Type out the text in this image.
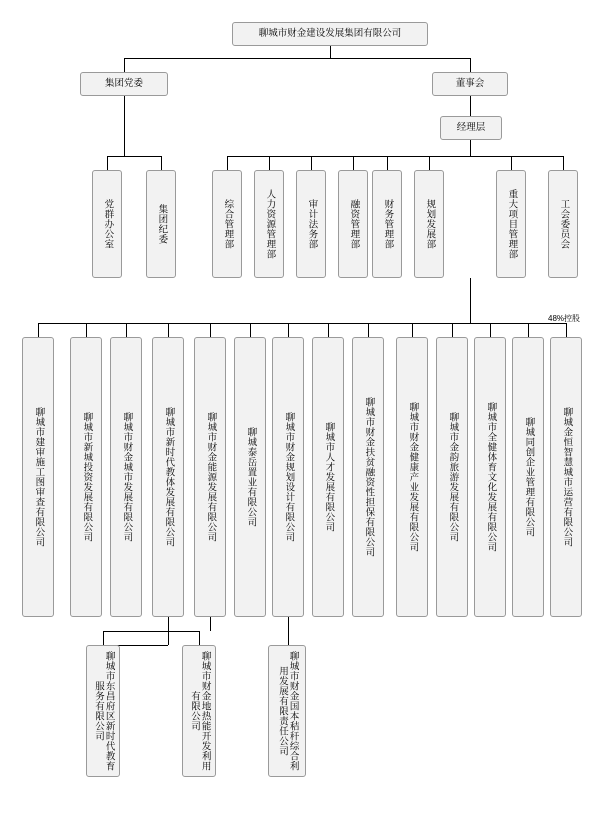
聊城市财金建设发展集团有限公司
集团党委	董事会
经理层
党群办公室	集团纪委	综合管理部	人力资源管理部	审计法务部	融资管理部 财务管理部	规划发展部	重大项目管理部	工会委员会
聊城市建审施工图审查有限公司	聊城市新城投资发展有限公司	聊城市财金城市发展有限公司	聊城市新时代教体发展有限公司	聊城市财金能源发展有限公司	聊城泰岳置业有限公司	聊城市财金规划设计有限公司	聊城市人才发展有限公司	聊城市财金扶贫融资性担保有限公司	聊城市财金健康产业发展有限公司	聊城市金韵旅游发展有限公司	聊城市全健体育文化发展有限公司	聊城同创企业管理有限公司	聊城金恒智慧城市运营有限公司
聊城市东昌府区新时代教育服务有限公司	聊城市财金地热能开发利用有限公司	聊城市财金国本秸秆综合利用发展有限责任公司
48%控股
